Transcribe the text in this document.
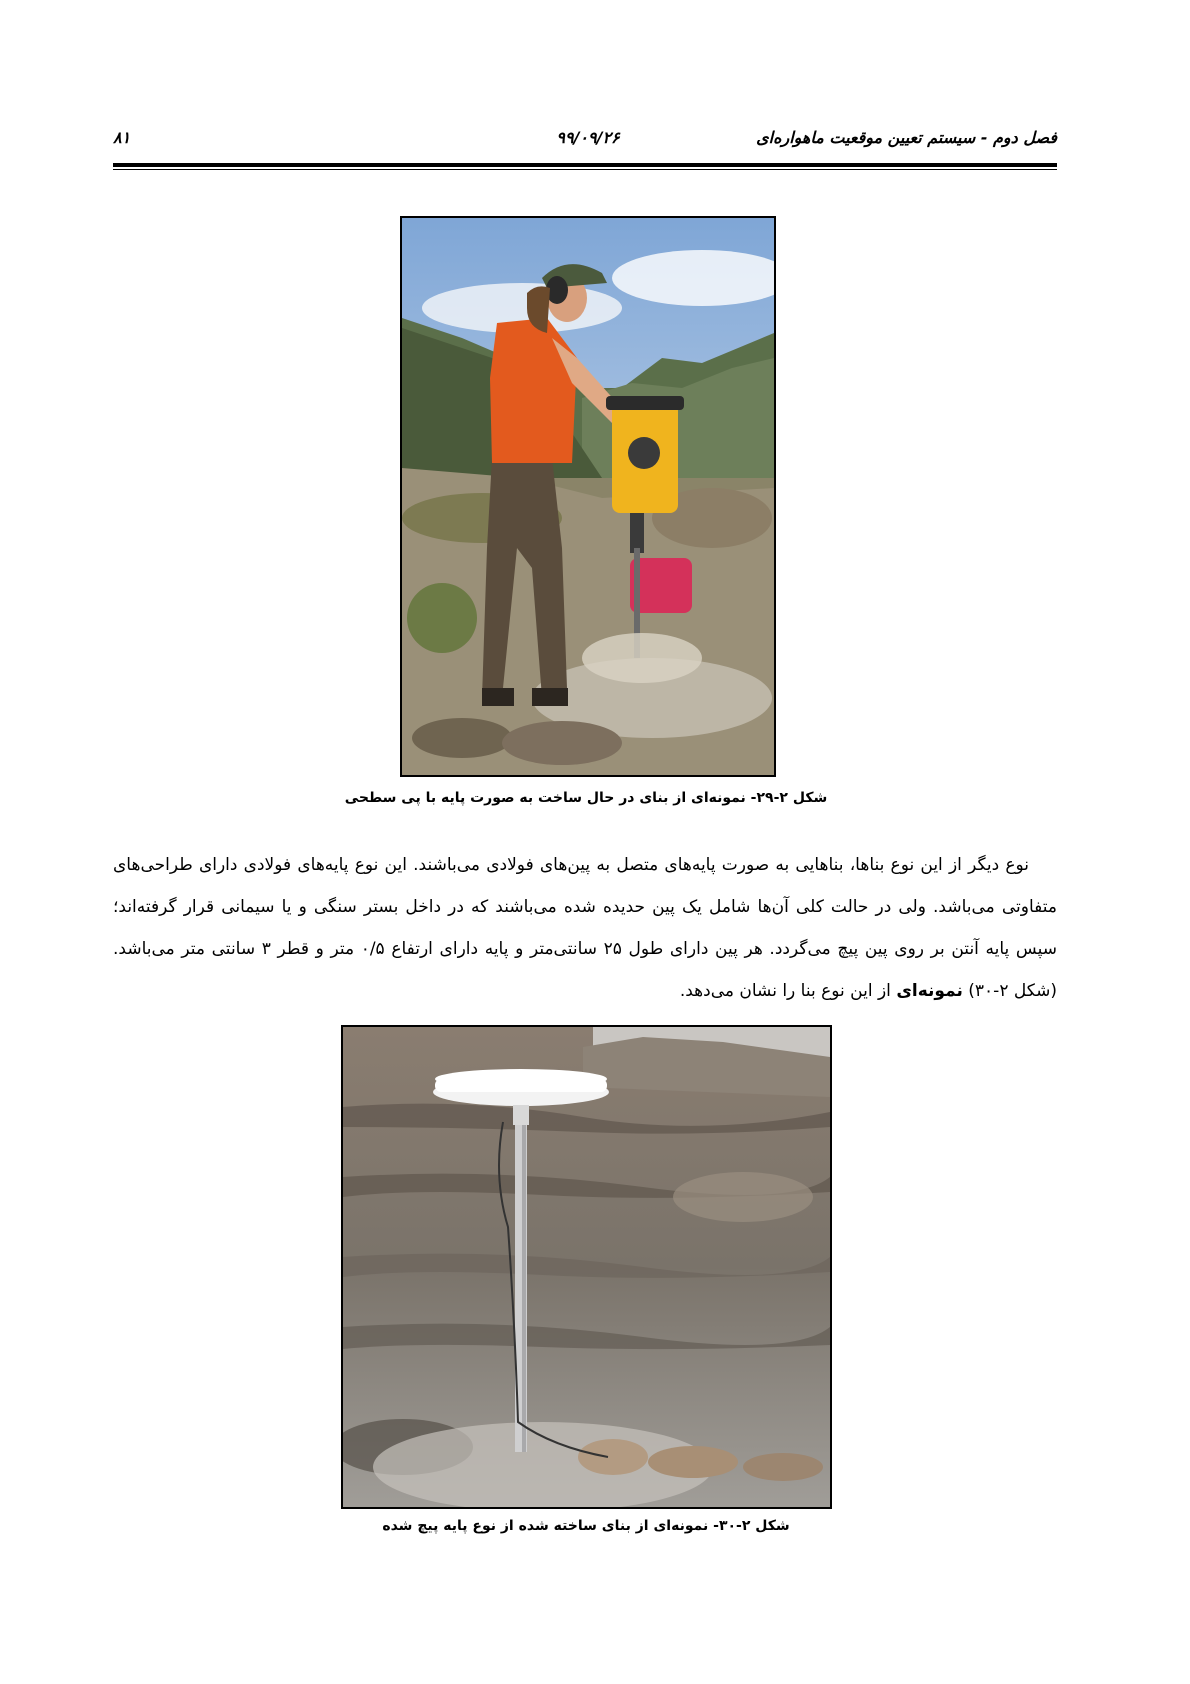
فصل دوم - سیستم تعیین موقعیت ماهواره‌ای
۹۹/۰۹/۲۶
۸۱
شکل ۲-۲۹- نمونه‌ای از بنای در حال ساخت به صورت پایه با پی سطحی

نوع دیگر از این نوع بناها، بناهایی به صورت پایه‌های متصل به پین‌های فولادی می‌باشند. این نوع پایه‌های فولادی دارای طراحی‌های متفاوتی می‌باشد. ولی در حالت کلی آن‌ها شامل یک پین حدیده شده می‌باشند که در داخل بستر سنگی و یا سیمانی قرار گرفته‌اند؛ سپس پایه آنتن بر روی پین پیچ می‌گردد. هر پین دارای طول ۲۵ سانتی‌متر و پایه دارای ارتفاع ۰/۵ متر و قطر ۳ سانتی متر می‌باشد. (شکل ۲-۳۰) نمونه‌ای از این نوع بنا را نشان می‌دهد.

شکل ۲-۳۰- نمونه‌ای از بنای ساخته شده از نوع پایه پیچ شده
